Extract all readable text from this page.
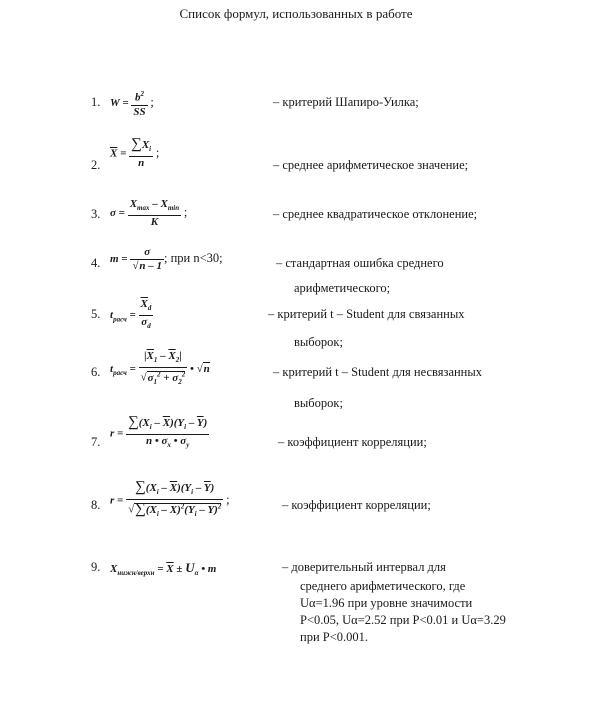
Список формул, использованных в работе
1. $W = \frac{b^2}{SS}$ ;	– критерий Шапиро-Уилка;
2.
$\overline{X} = \frac{\sum X_i}{n}$ ;
– среднее арифметическое значение;
3. $\sigma = \frac{X_{max} - X_{min}}{K}$ ;	– среднее квадратическое отклонение;
4. $m = \frac{\sigma}{√n - 1}$ ; при n<30;	– стандартная ошибка среднего
арифметического;
5. $t_{расч} = \frac{\overline{X}_d}{\sigma_d}$	– критерий t – Student для связанных
выборок;
6. $t_{расч} = \frac{|\overline{X}_1 - \overline{X}_2|}{√\sigma_1^2 + \sigma_2^2}$ • √n	– критерий t – Student для несвязанных
выборок;
7.
$r = \frac{\sum(X_i - \overline{X})(Y_i - \overline{Y})}{n • \sigma_x • \sigma_y}$	– коэффициент корреляции;
8. $r = \frac{\sum(X_i - \overline{X})(Y_i - \overline{Y})}{√\sum(X_i - \overline{X})^2(Y_i - \overline{Y})^2}$ ;	– коэффициент корреляции;
9. $X_{нижн/верхн} = \overline{X} \pm U_\alpha$ • m	– доверительный интервал для
среднего арифметического, где
Uα=1.96 при уровне значимости
P<0.05, Uα=2.52 при P<0.01 и Uα=3.29
при P<0.001.
